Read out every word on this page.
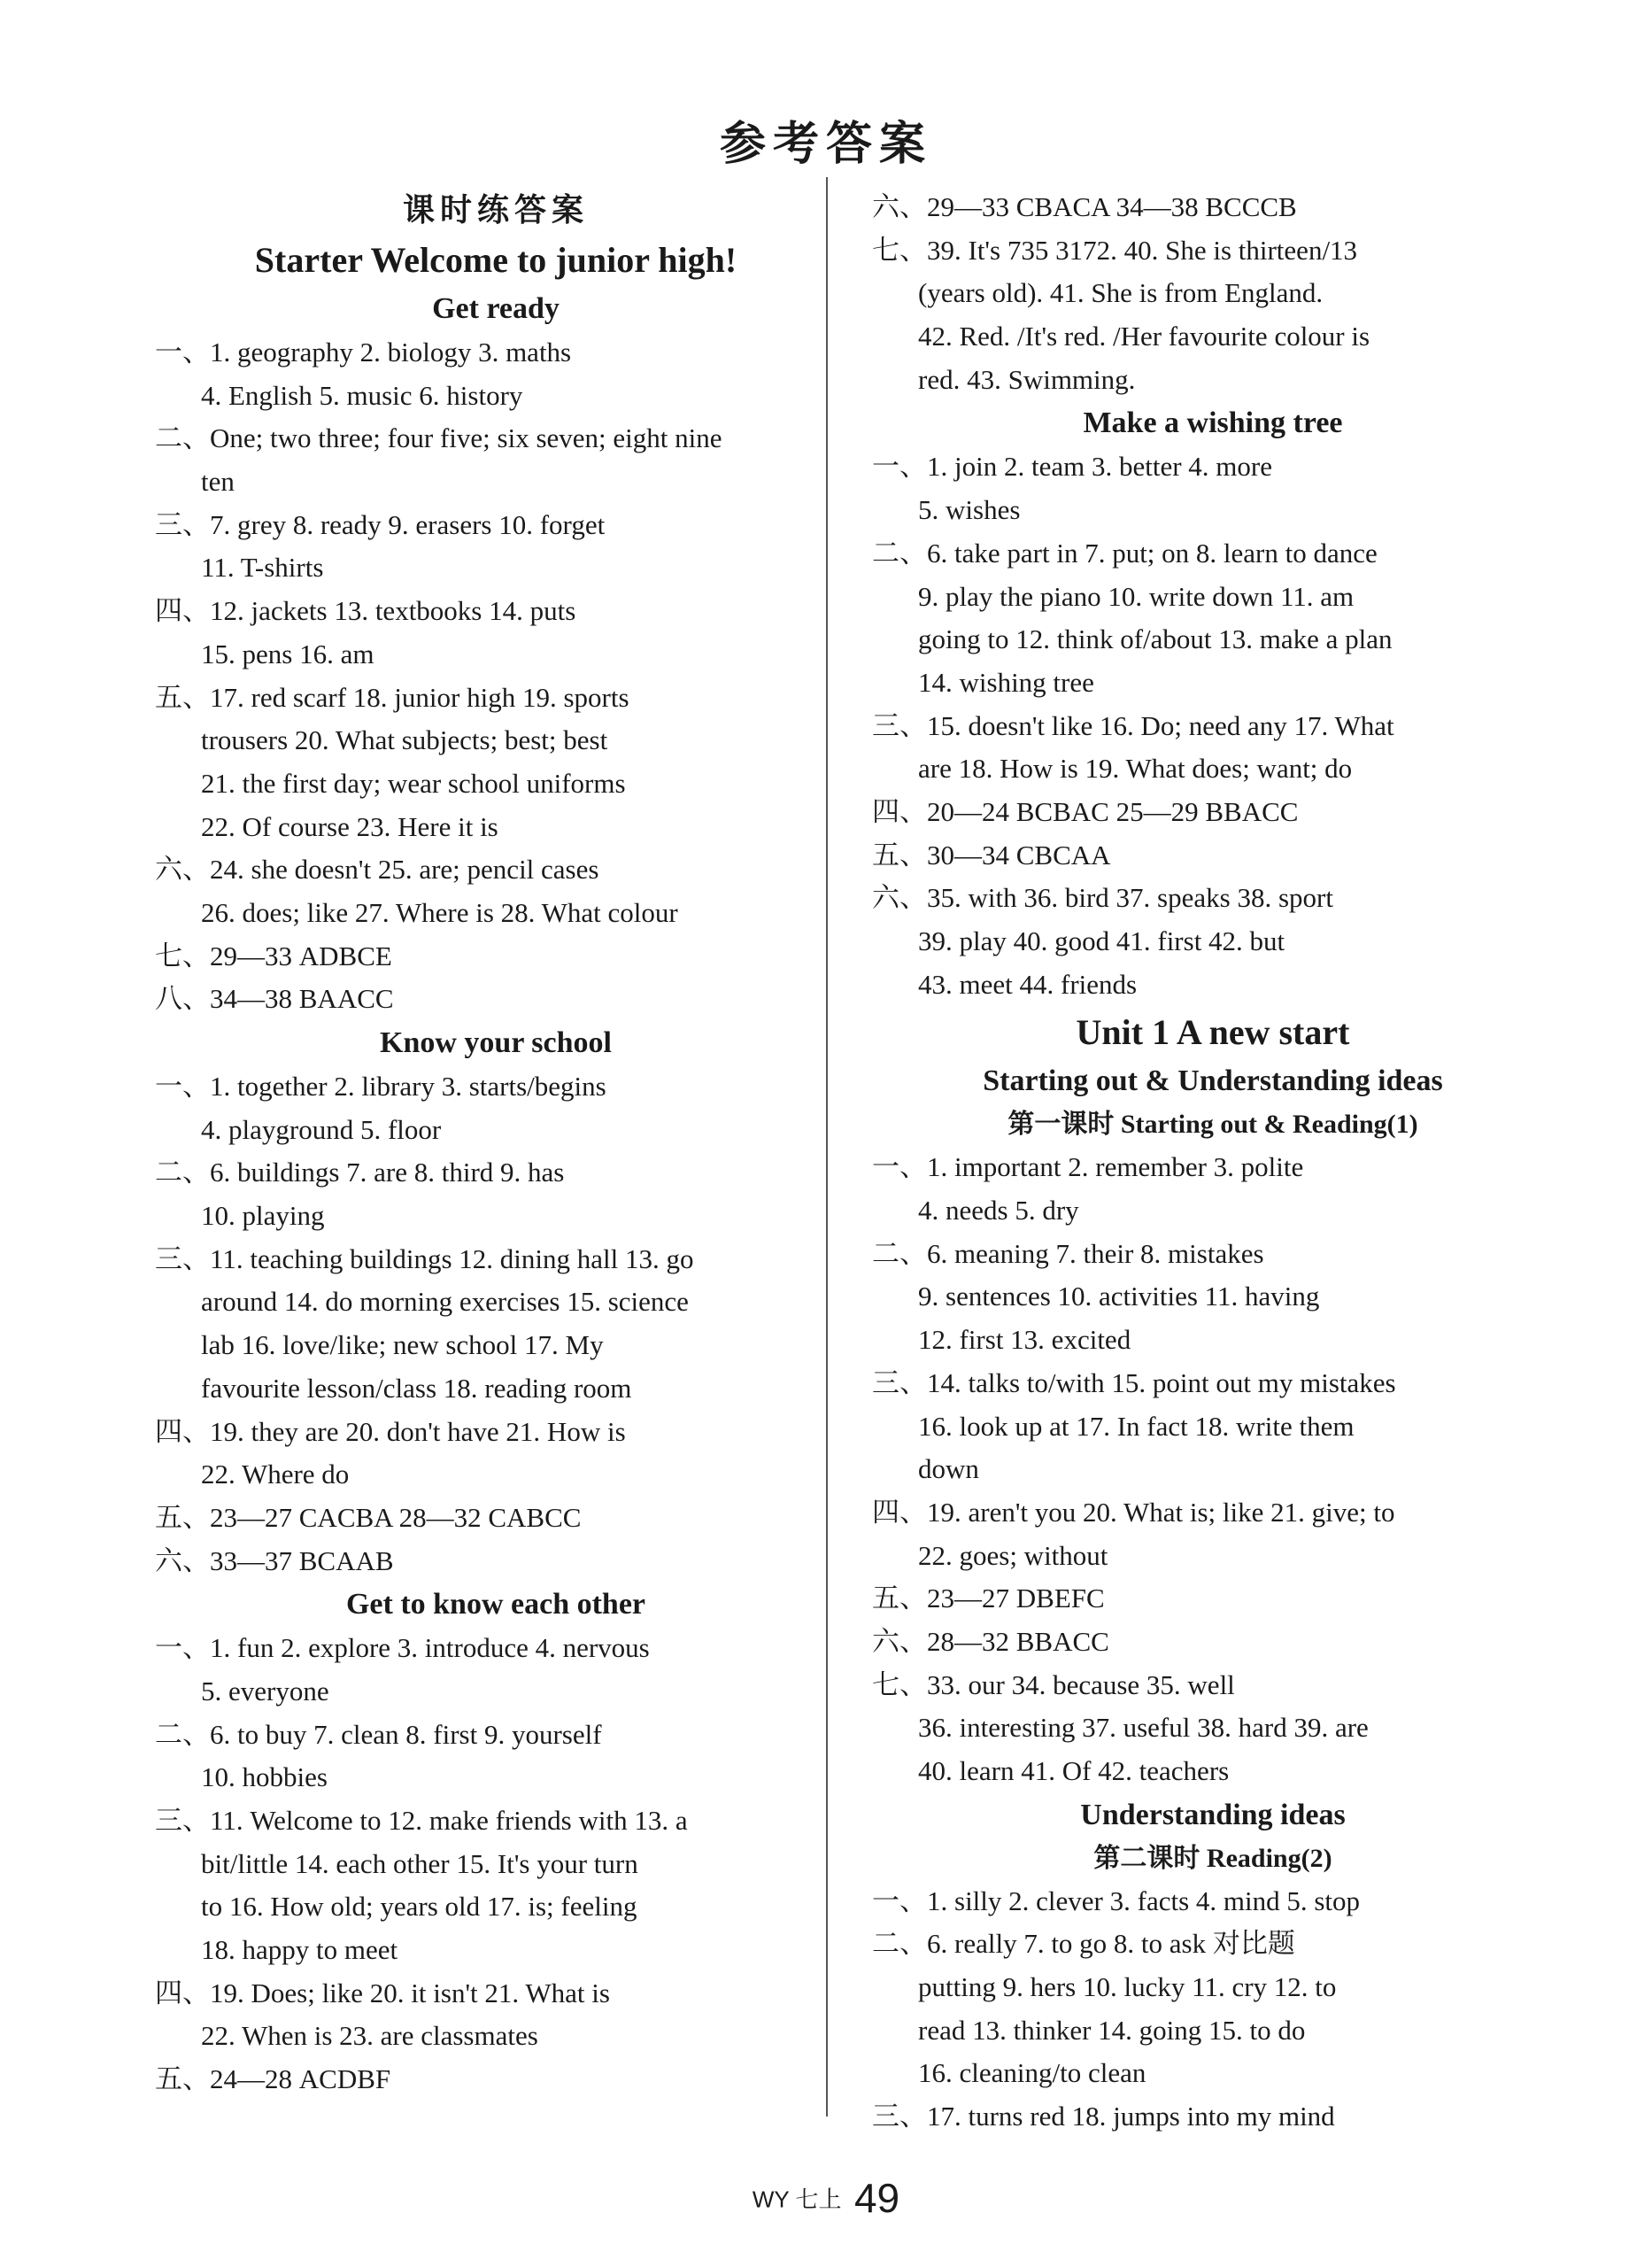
参考答案
课时练答案
Starter Welcome to junior high!
Get ready
一、1. geography 2. biology 3. maths
4. English 5. music 6. history
二、One; two three; four five; six seven; eight nine
ten
三、7. grey 8. ready 9. erasers 10. forget
11. T-shirts
四、12. jackets 13. textbooks 14. puts
15. pens 16. am
五、17. red scarf 18. junior high 19. sports
trousers 20. What subjects; best; best
21. the first day; wear school uniforms
22. Of course 23. Here it is
六、24. she doesn't 25. are; pencil cases
26. does; like 27. Where is 28. What colour
七、29—33 ADBCE
八、34—38 BAACC
Know your school
一、1. together 2. library 3. starts/begins
4. playground 5. floor
二、6. buildings 7. are 8. third 9. has
10. playing
三、11. teaching buildings 12. dining hall 13. go
around 14. do morning exercises 15. science
lab 16. love/like; new school 17. My
favourite lesson/class 18. reading room
四、19. they are 20. don't have 21. How is
22. Where do
五、23—27 CACBA 28—32 CABCC
六、33—37 BCAAB
Get to know each other
一、1. fun 2. explore 3. introduce 4. nervous
5. everyone
二、6. to buy 7. clean 8. first 9. yourself
10. hobbies
三、11. Welcome to 12. make friends with 13. a
bit/little 14. each other 15. It's your turn
to 16. How old; years old 17. is; feeling
18. happy to meet
四、19. Does; like 20. it isn't 21. What is
22. When is 23. are classmates
五、24—28 ACDBF
六、29—33 CBACA 34—38 BCCCB
七、39. It's 735 3172. 40. She is thirteen/13
(years old). 41. She is from England.
42. Red. /It's red. /Her favourite colour is
red. 43. Swimming.
Make a wishing tree
一、1. join 2. team 3. better 4. more
5. wishes
二、6. take part in 7. put; on 8. learn to dance
9. play the piano 10. write down 11. am
going to 12. think of/about 13. make a plan
14. wishing tree
三、15. doesn't like 16. Do; need any 17. What
are 18. How is 19. What does; want; do
四、20—24 BCBAC 25—29 BBACC
五、30—34 CBCAA
六、35. with 36. bird 37. speaks 38. sport
39. play 40. good 41. first 42. but
43. meet 44. friends
Unit 1 A new start
Starting out & Understanding ideas
第一课时 Starting out & Reading(1)
一、1. important 2. remember 3. polite
4. needs 5. dry
二、6. meaning 7. their 8. mistakes
9. sentences 10. activities 11. having
12. first 13. excited
三、14. talks to/with 15. point out my mistakes
16. look up at 17. In fact 18. write them
down
四、19. aren't you 20. What is; like 21. give; to
22. goes; without
五、23—27 DBEFC
六、28—32 BBACC
七、33. our 34. because 35. well
36. interesting 37. useful 38. hard 39. are
40. learn 41. Of 42. teachers
Understanding ideas
第二课时 Reading(2)
一、1. silly 2. clever 3. facts 4. mind 5. stop
二、6. really 7. to go 8. to ask 对比题
putting 9. hers 10. lucky 11. cry 12. to
read 13. thinker 14. going 15. to do
16. cleaning/to clean
三、17. turns red 18. jumps into my mind
WY 七上 49
